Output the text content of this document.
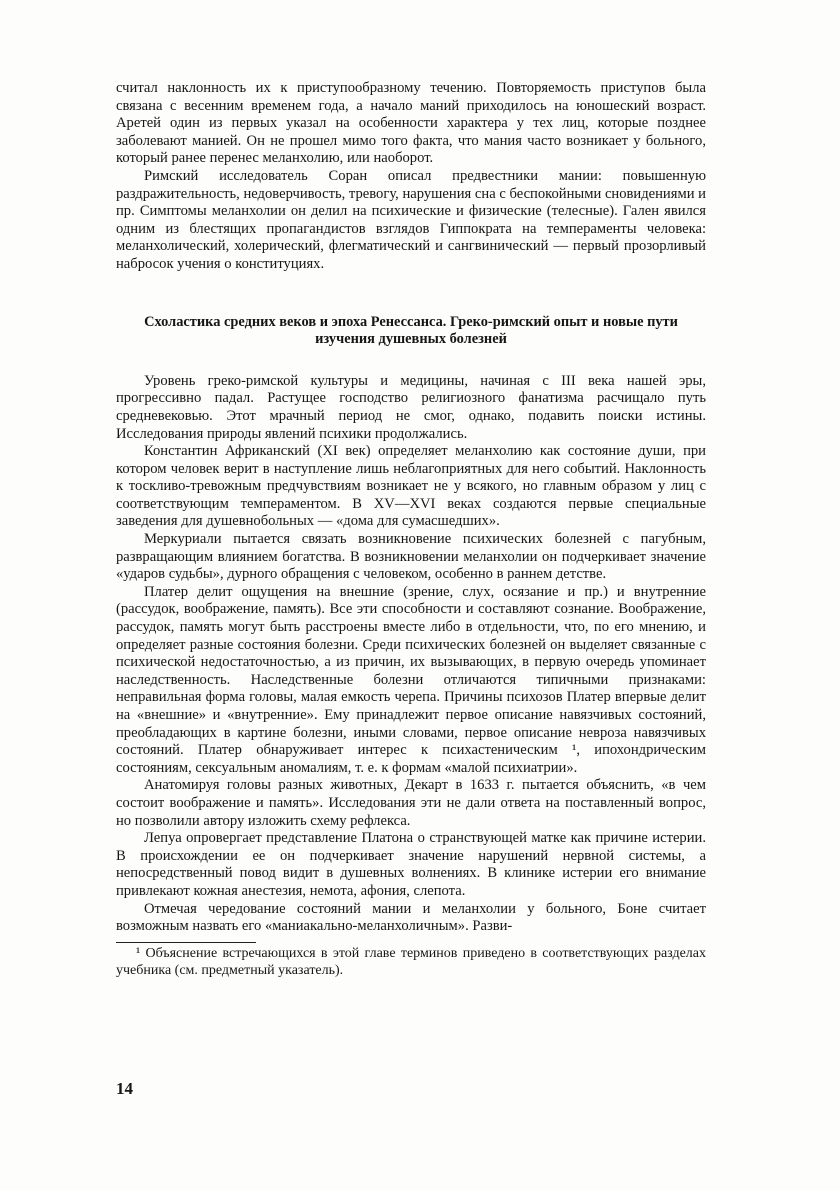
считал наклонность их к приступообразному течению. Повторяемость приступов была связана с весенним временем года, а начало маний приходилось на юношеский возраст. Аретей один из первых указал на особенности характера у тех лиц, которые позднее заболевают манией. Он не прошел мимо того факта, что мания часто возникает у больного, который ранее перенес меланхолию, или наоборот.

Римский исследователь Соран описал предвестники мании: повышенную раздражительность, недоверчивость, тревогу, нарушения сна с беспокойными сновидениями и пр. Симптомы меланхолии он делил на психические и физические (телесные). Гален явился одним из блестящих пропагандистов взглядов Гиппократа на темпераменты человека: меланхолический, холерический, флегматический и сангвинический — первый прозорливый набросок учения о конституциях.

Схоластика средних веков и эпоха Ренессанса. Греко-римский опыт и новые пути изучения душевных болезней

Уровень греко-римской культуры и медицины, начиная с III века нашей эры, прогрессивно падал. Растущее господство религиозного фанатизма расчищало путь средневековью. Этот мрачный период не смог, однако, подавить поиски истины. Исследования природы явлений психики продолжались.

Константин Африканский (XI век) определяет меланхолию как состояние души, при котором человек верит в наступление лишь неблагоприятных для него событий. Наклонность к тоскливо-тревожным предчувствиям возникает не у всякого, но главным образом у лиц с соответствующим темпераментом. В XV—XVI веках создаются первые специальные заведения для душевнобольных — «дома для сумасшедших».

Меркуриали пытается связать возникновение психических болезней с пагубным, развращающим влиянием богатства. В возникновении меланхолии он подчеркивает значение «ударов судьбы», дурного обращения с человеком, особенно в раннем детстве.

Платер делит ощущения на внешние (зрение, слух, осязание и пр.) и внутренние (рассудок, воображение, память). Все эти способности и составляют сознание. Воображение, рассудок, память могут быть расстроены вместе либо в отдельности, что, по его мнению, и определяет разные состояния болезни. Среди психических болезней он выделяет связанные с психической недостаточностью, а из причин, их вызывающих, в первую очередь упоминает наследственность. Наследственные болезни отличаются типичными признаками: неправильная форма головы, малая емкость черепа. Причины психозов Платер впервые делит на «внешние» и «внутренние». Ему принадлежит первое описание навязчивых состояний, преобладающих в картине болезни, иными словами, первое описание невроза навязчивых состояний. Платер обнаруживает интерес к психастеническим ¹, ипохондрическим состояниям, сексуальным аномалиям, т. е. к формам «малой психиатрии».

Анатомируя головы разных животных, Декарт в 1633 г. пытается объяснить, «в чем состоит воображение и память». Исследования эти не дали ответа на поставленный вопрос, но позволили автору изложить схему рефлекса.

Лепуа опровергает представление Платона о странствующей матке как причине истерии. В происхождении ее он подчеркивает значение нарушений нервной системы, а непосредственный повод видит в душевных волнениях. В клинике истерии его внимание привлекают кожная анестезия, немота, афония, слепота.

Отмечая чередование состояний мании и меланхолии у больного, Боне считает возможным назвать его «маниакально-меланхоличным». Разви-

¹ Объяснение встречающихся в этой главе терминов приведено в соответствующих разделах учебника (см. предметный указатель).

14
